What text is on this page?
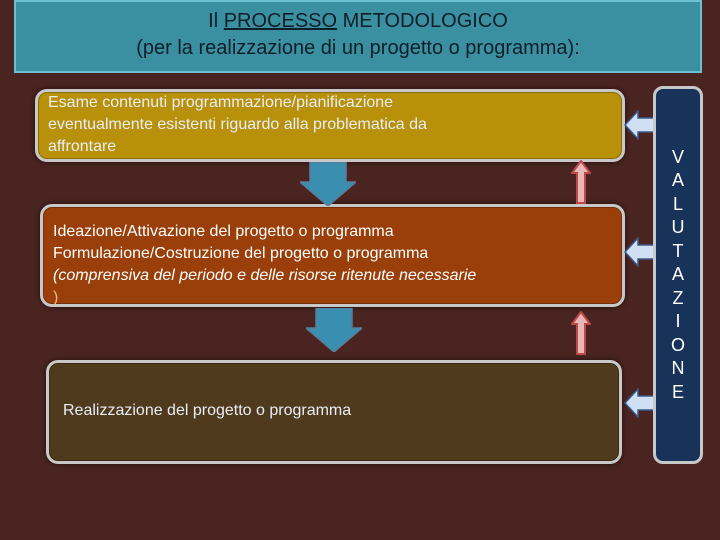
Il PROCESSO METODOLOGICO
(per la realizzazione di un progetto o programma):
Esame contenuti programmazione/pianificazione
eventualmente esistenti riguardo alla problematica da
affrontare
Ideazione/Attivazione del progetto o programma
Formulazione/Costruzione del progetto o programma
(comprensiva del periodo e delle risorse ritenute necessarie
)
Realizzazione del progetto o programma
V
A
L
U
T
A
Z
I
O
N
E
